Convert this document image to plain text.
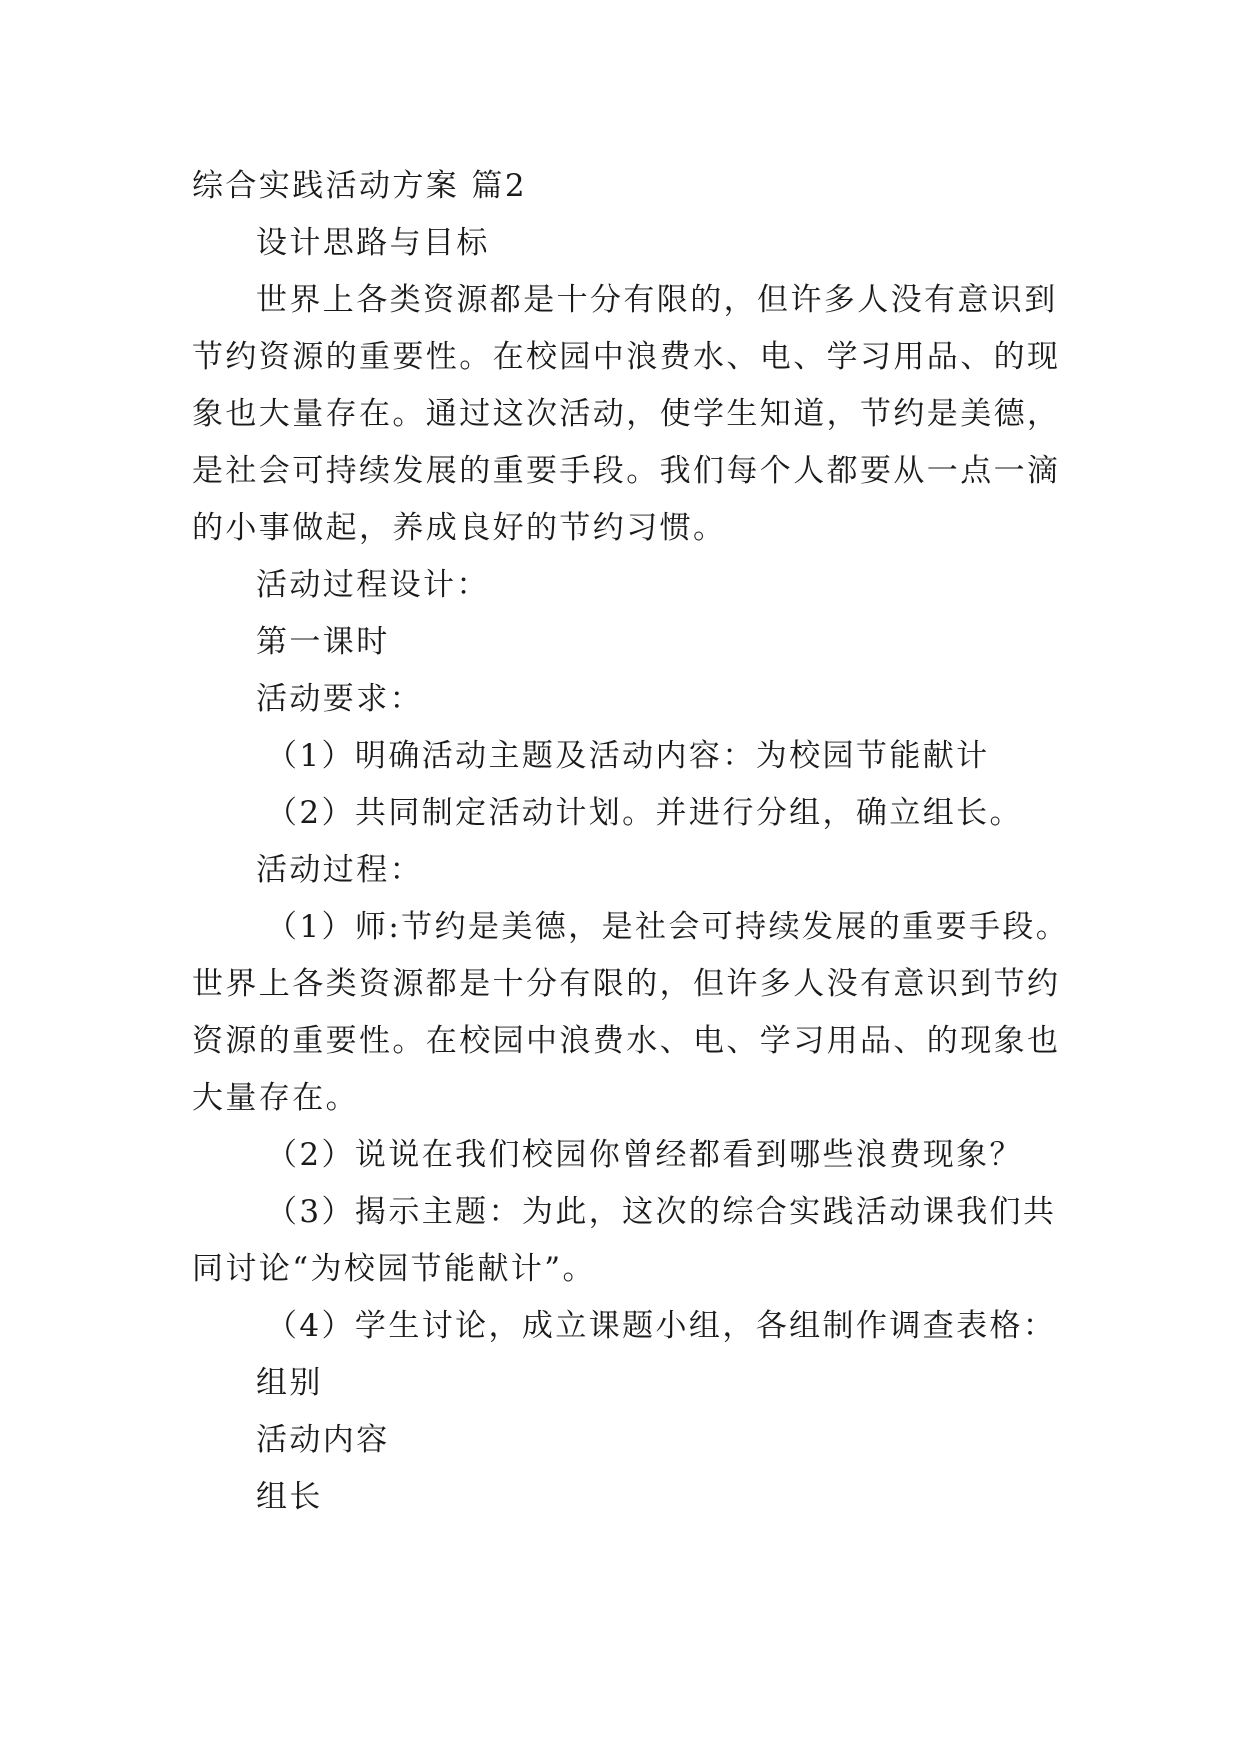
综合实践活动方案 篇2
设计思路与目标
世界上各类资源都是十分有限的，但许多人没有意识到
节约资源的重要性。在校园中浪费水、电、学习用品、的现
象也大量存在。通过这次活动，使学生知道，节约是美德，
是社会可持续发展的重要手段。我们每个人都要从一点一滴
的小事做起，养成良好的节约习惯。
活动过程设计：
第一课时
活动要求：
（1）明确活动主题及活动内容：为校园节能献计
（2）共同制定活动计划。并进行分组，确立组长。
活动过程：
（1）师:节约是美德，是社会可持续发展的重要手段。
世界上各类资源都是十分有限的，但许多人没有意识到节约
资源的重要性。在校园中浪费水、电、学习用品、的现象也
大量存在。
（2）说说在我们校园你曾经都看到哪些浪费现象？
（3）揭示主题：为此，这次的综合实践活动课我们共
同讨论“为校园节能献计”。
（4）学生讨论，成立课题小组，各组制作调查表格：
组别
活动内容
组长
